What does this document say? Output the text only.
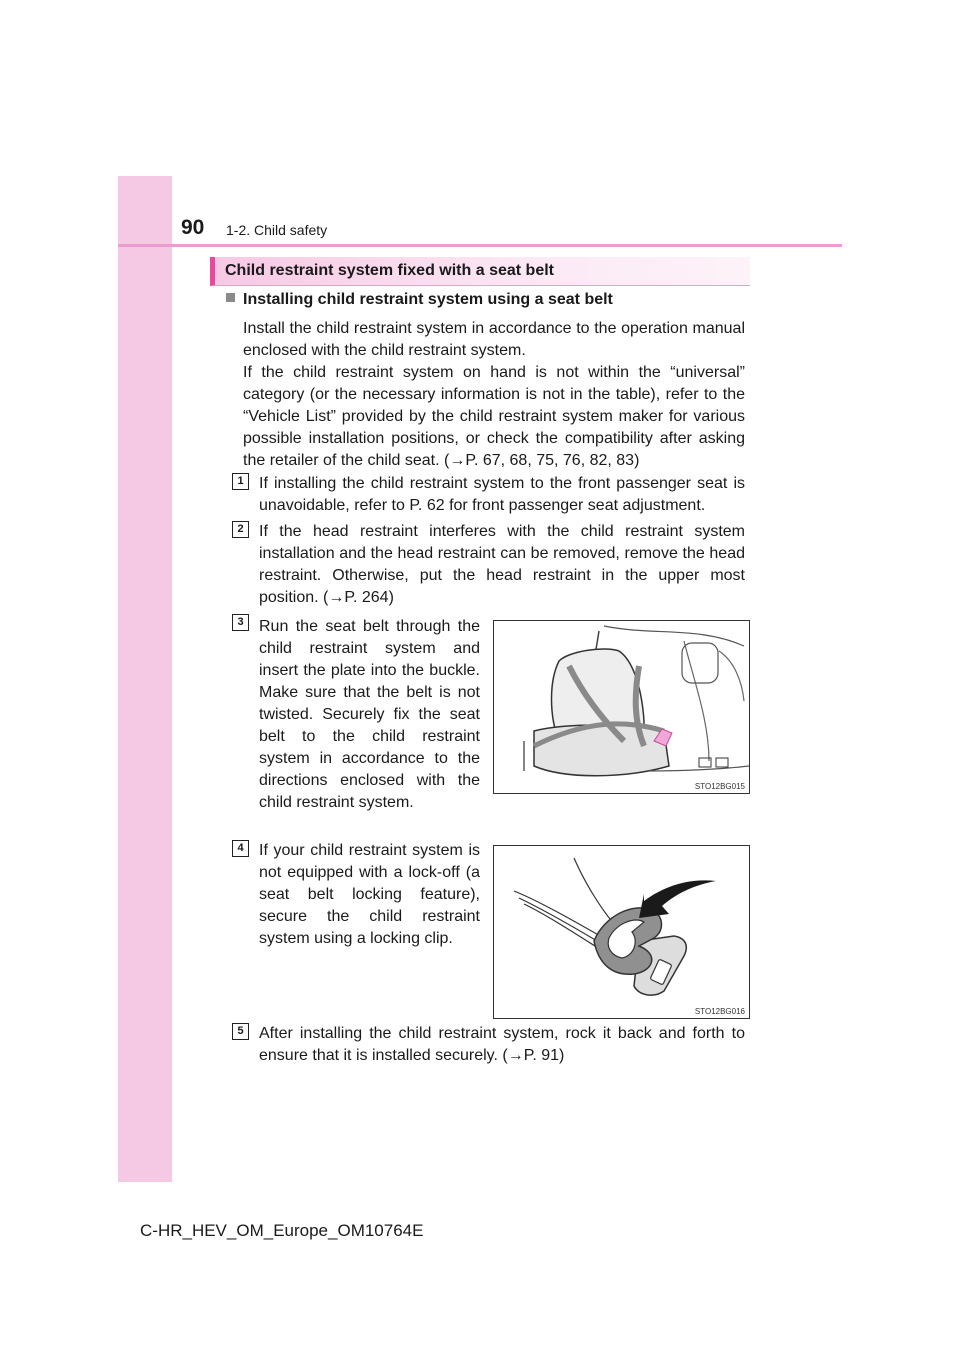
90 1-2. Child safety
Child restraint system fixed with a seat belt
Installing child restraint system using a seat belt

Install the child restraint system in accordance to the operation manual enclosed with the child restraint system.

If the child restraint system on hand is not within the “universal” category (or the necessary information is not in the table), refer to the “Vehicle List” provided by the child restraint system maker for various possible installation positions, or check the compatibility after asking the retailer of the child seat. (→P. 67, 68, 75, 76, 82, 83)

1 If installing the child restraint system to the front passenger seat is unavoidable, refer to P. 62 for front passenger seat adjustment.
2 If the head restraint interferes with the child restraint system installation and the head restraint can be removed, remove the head restraint. Otherwise, put the head restraint in the upper most position. (→P. 264)
3 Run the seat belt through the child restraint system and insert the plate into the buckle. Make sure that the belt is not twisted. Securely fix the seat belt to the child restraint system in accordance to the directions enclosed with the child restraint system.
STO12BG015
4 If your child restraint system is not equipped with a lock-off (a seat belt locking feature), secure the child restraint system using a locking clip.
STO12BG016
5 After installing the child restraint system, rock it back and forth to ensure that it is installed securely. (→P. 91)
C-HR_HEV_OM_Europe_OM10764E
